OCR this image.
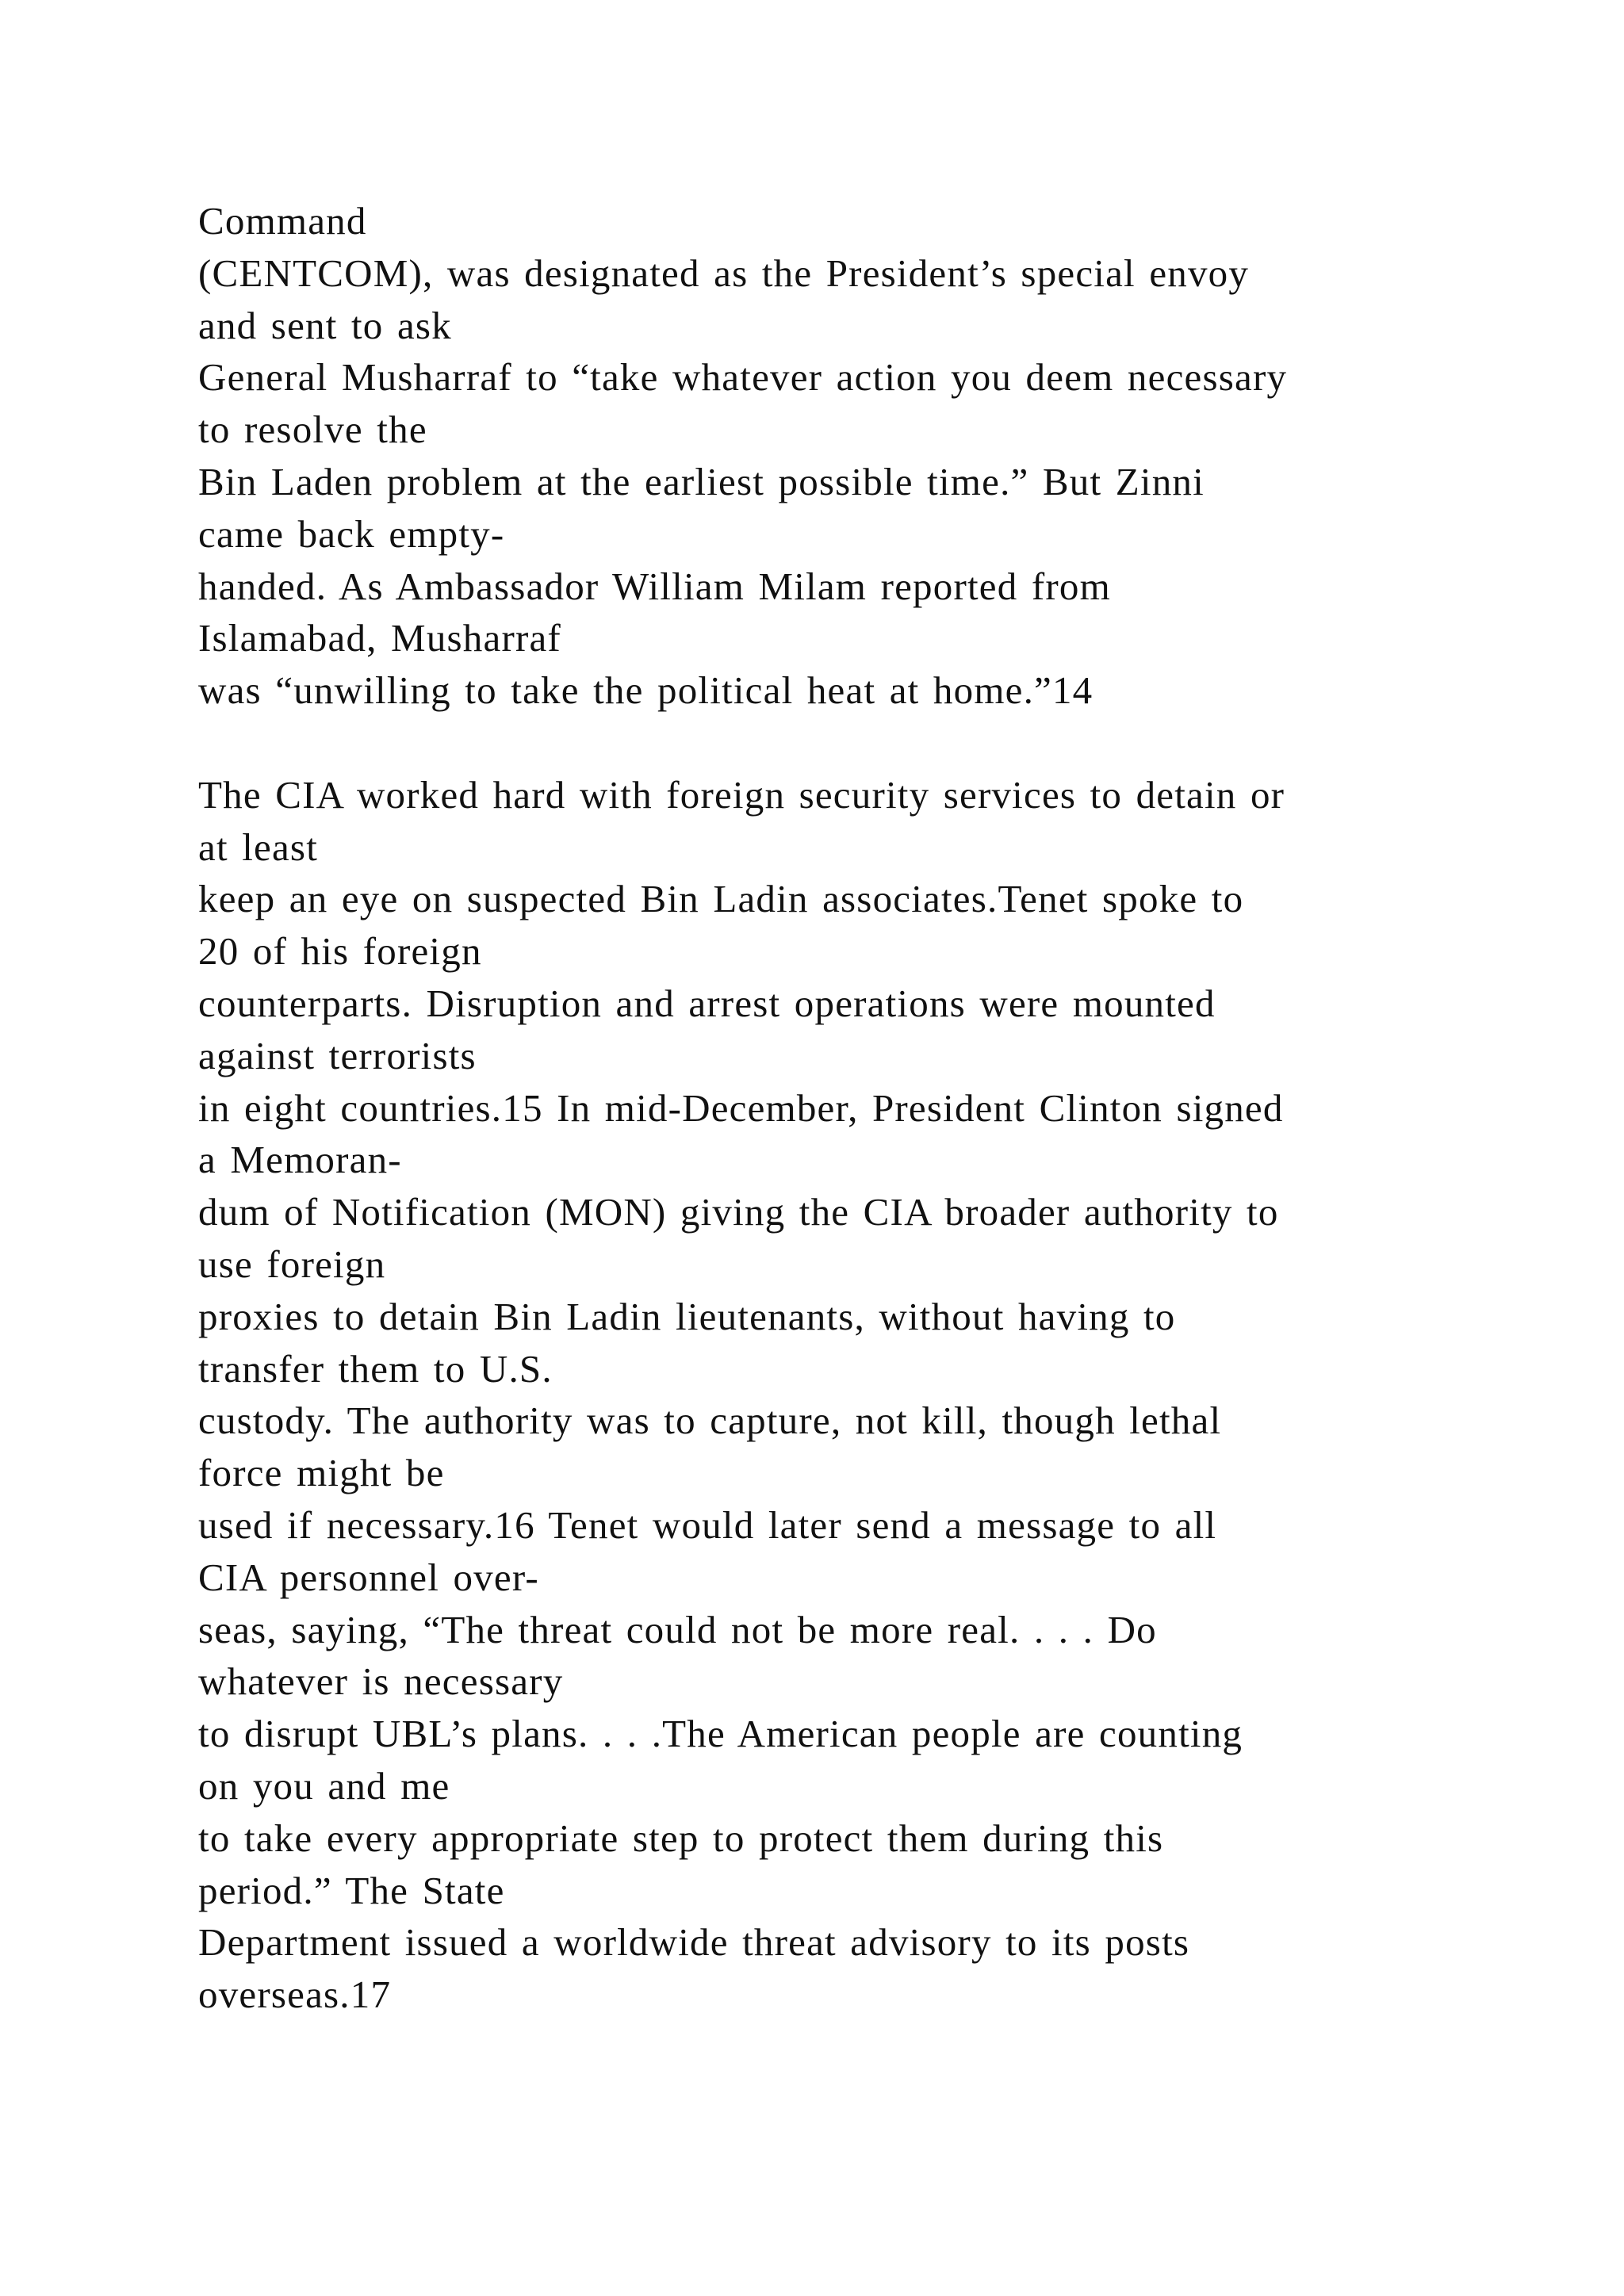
Command
(CENTCOM), was designated as the President’s special envoy
and sent to ask
General Musharraf to “take whatever action you deem necessary
to resolve the
Bin Laden problem at the earliest possible time.” But Zinni
came back empty-
handed. As Ambassador William Milam reported from
Islamabad, Musharraf
was “unwilling to take the political heat at home.”14
The CIA worked hard with foreign security services to detain or
at least
keep an eye on suspected Bin Ladin associates.Tenet spoke to
20 of his foreign
counterparts. Disruption and arrest operations were mounted
against terrorists
in eight countries.15 In mid-December, President Clinton signed
a Memoran-
dum of Notification (MON) giving the CIA broader authority to
use foreign
proxies to detain Bin Ladin lieutenants, without having to
transfer them to U.S.
custody. The authority was to capture, not kill, though lethal
force might be
used if necessary.16 Tenet would later send a message to all
CIA personnel over-
seas, saying, “The threat could not be more real. . . . Do
whatever is necessary
to disrupt UBL’s plans. . . .The American people are counting
on you and me
to take every appropriate step to protect them during this
period.” The State
Department issued a worldwide threat advisory to its posts
overseas.17
